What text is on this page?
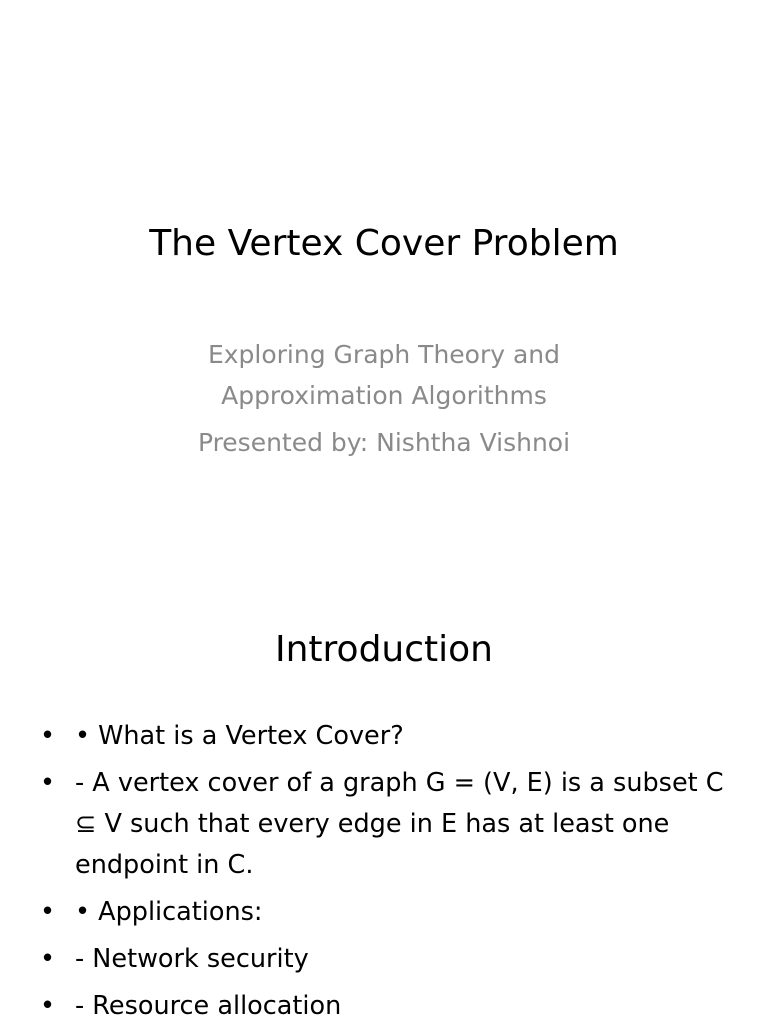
The Vertex Cover Problem
Exploring Graph Theory and
Approximation Algorithms
Presented by: Nishtha Vishnoi
Introduction
• • What is a Vertex Cover?
• - A vertex cover of a graph G = (V, E) is a subset C ⊆ V such that every edge in E has at least one endpoint in C.
• • Applications:
• - Network security
• - Resource allocation
